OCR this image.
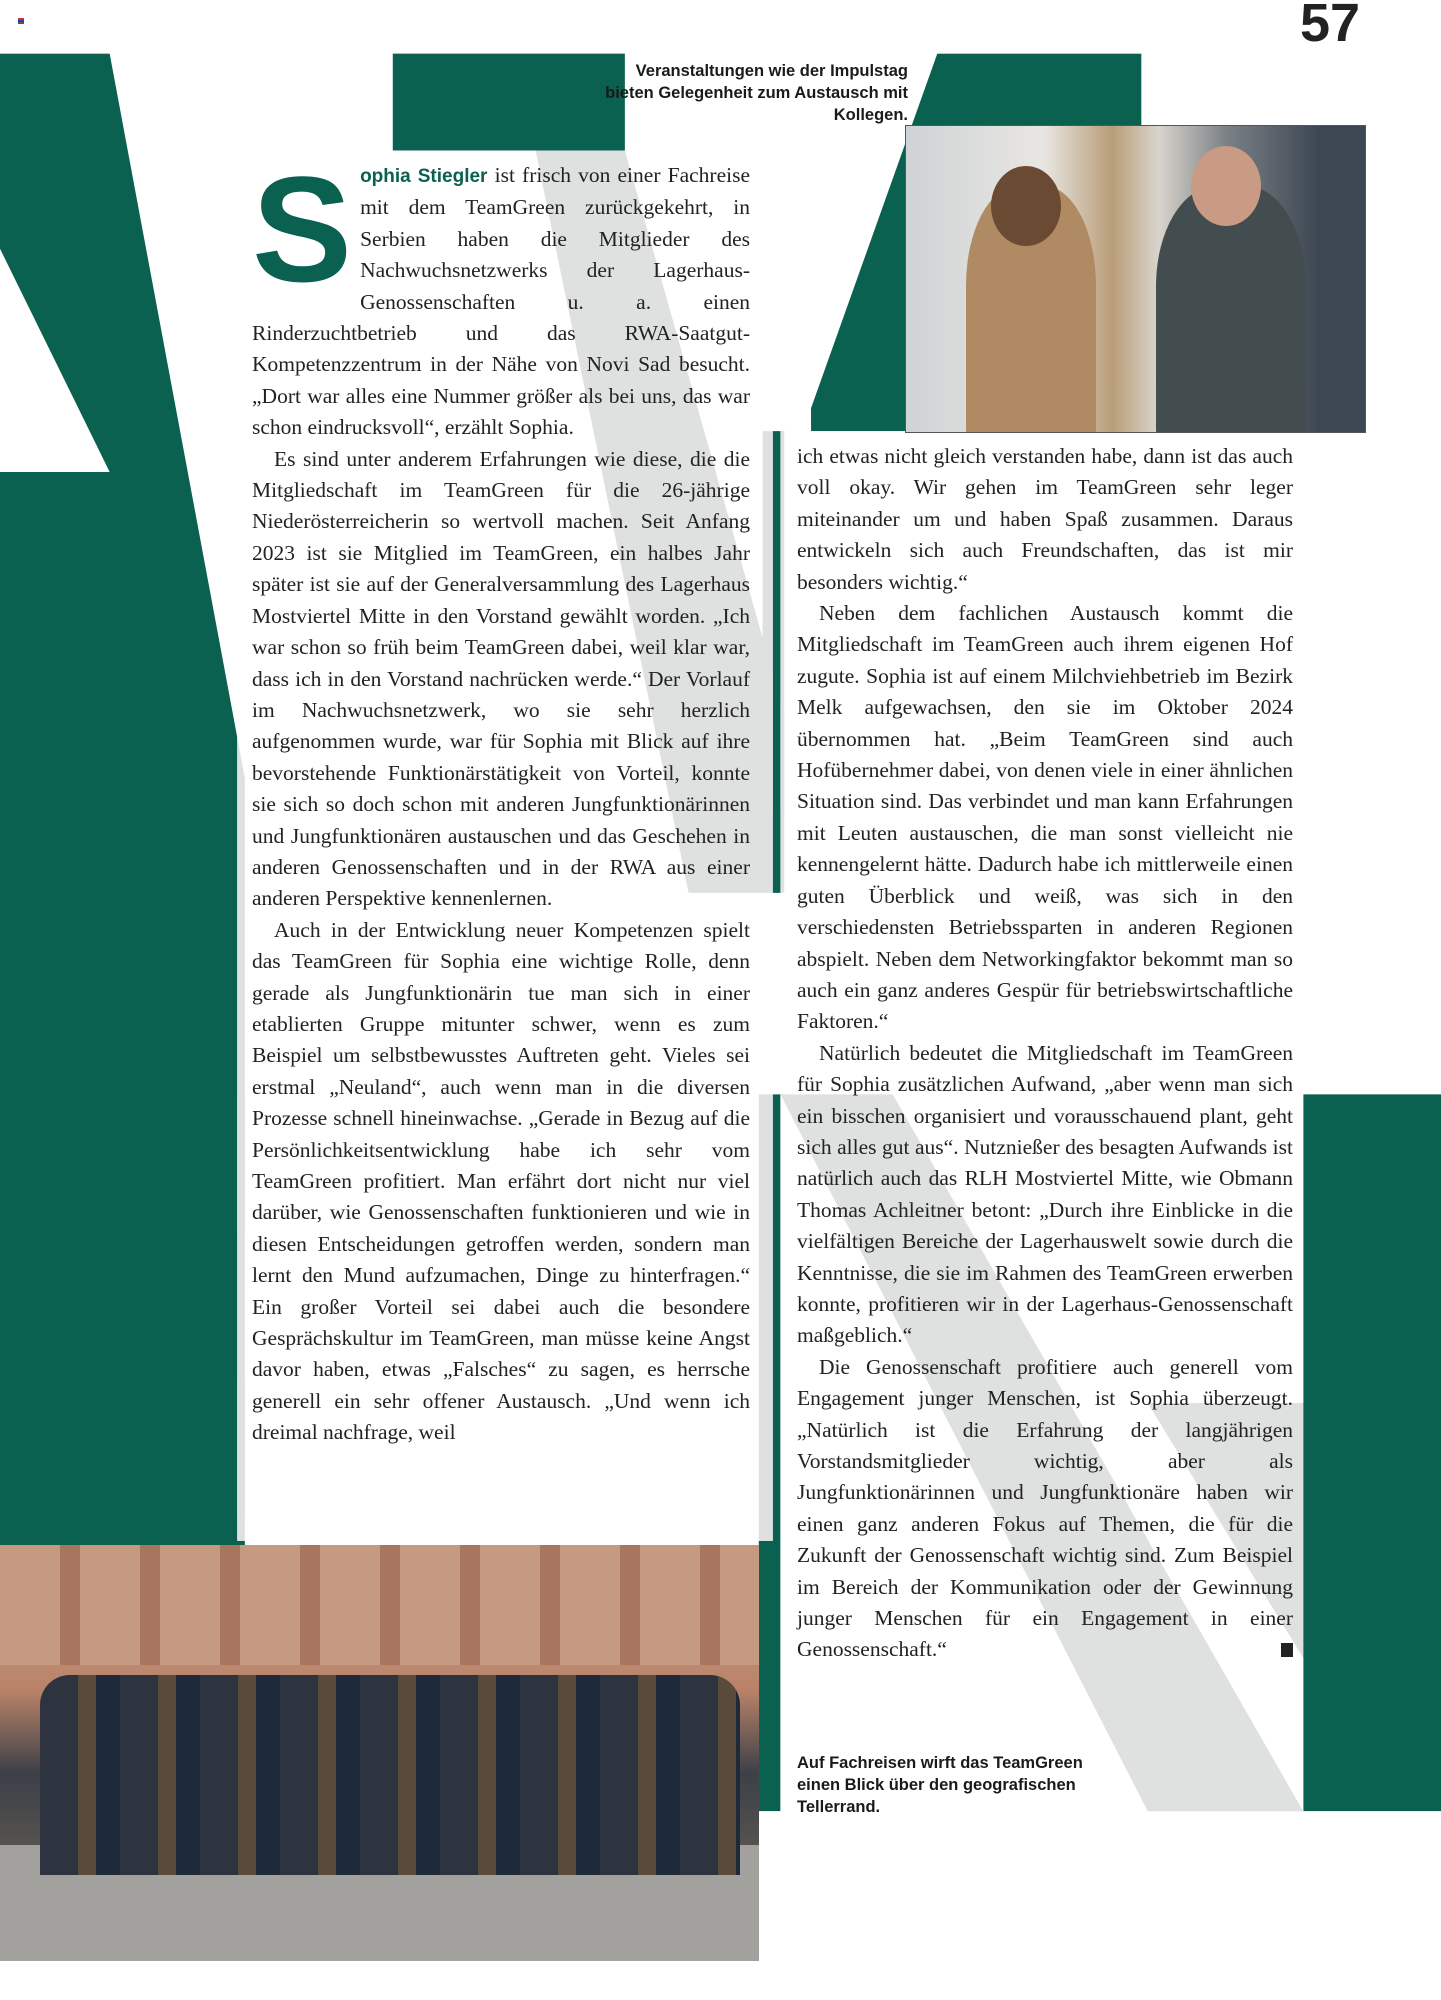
57
Veranstaltungen wie der Impulstag bieten Gelegenheit zum Austausch mit Kollegen.

Sophia Stiegler ist frisch von einer Fachreise mit dem TeamGreen zurückgekehrt, in Serbien haben die Mitglieder des Nachwuchsnetzwerks der Lagerhaus-Genossenschaften u. a. einen Rinderzuchtbetrieb und das RWA-Saatgut-Kompetenzzentrum in der Nähe von Novi Sad besucht. „Dort war alles eine Nummer größer als bei uns, das war schon eindrucksvoll“, erzählt Sophia.

Es sind unter anderem Erfahrungen wie diese, die die Mitgliedschaft im TeamGreen für die 26-jährige Niederösterreicherin so wertvoll machen. Seit Anfang 2023 ist sie Mitglied im TeamGreen, ein halbes Jahr später ist sie auf der Generalversammlung des Lagerhaus Mostviertel Mitte in den Vorstand gewählt worden. „Ich war schon so früh beim TeamGreen dabei, weil klar war, dass ich in den Vorstand nachrücken werde.“ Der Vorlauf im Nachwuchsnetzwerk, wo sie sehr herzlich aufgenommen wurde, war für Sophia mit Blick auf ihre bevorstehende Funktionärstätigkeit von Vorteil, konnte sie sich so doch schon mit anderen Jungfunktionärinnen und Jungfunktionären austauschen und das Geschehen in anderen Genossenschaften und in der RWA aus einer anderen Perspektive kennenlernen.

Auch in der Entwicklung neuer Kompetenzen spielt das TeamGreen für Sophia eine wichtige Rolle, denn gerade als Jungfunktionärin tue man sich in einer etablierten Gruppe mitunter schwer, wenn es zum Beispiel um selbstbewusstes Auftreten geht. Vieles sei erstmal „Neuland“, auch wenn man in die diversen Prozesse schnell hineinwachse. „Gerade in Bezug auf die Persönlichkeitsentwicklung habe ich sehr vom TeamGreen profitiert. Man erfährt dort nicht nur viel darüber, wie Genossenschaften funktionieren und wie in diesen Entscheidungen getroffen werden, sondern man lernt den Mund aufzumachen, Dinge zu hinterfragen.“ Ein großer Vorteil sei dabei auch die besondere Gesprächskultur im TeamGreen, man müsse keine Angst davor haben, etwas „Falsches“ zu sagen, es herrsche generell ein sehr offener Austausch. „Und wenn ich dreimal nachfrage, weil

ich etwas nicht gleich verstanden habe, dann ist das auch voll okay. Wir gehen im TeamGreen sehr leger miteinander um und haben Spaß zusammen. Daraus entwickeln sich auch Freundschaften, das ist mir besonders wichtig.“

Neben dem fachlichen Austausch kommt die Mitgliedschaft im TeamGreen auch ihrem eigenen Hof zugute. Sophia ist auf einem Milchviehbetrieb im Bezirk Melk aufgewachsen, den sie im Oktober 2024 übernommen hat. „Beim TeamGreen sind auch Hofübernehmer dabei, von denen viele in einer ähnlichen Situation sind. Das verbindet und man kann Erfahrungen mit Leuten austauschen, die man sonst vielleicht nie kennengelernt hätte. Dadurch habe ich mittlerweile einen guten Überblick und weiß, was sich in den verschiedensten Betriebssparten in anderen Regionen abspielt. Neben dem Networkingfaktor bekommt man so auch ein ganz anderes Gespür für betriebswirtschaftliche Faktoren.“

Natürlich bedeutet die Mitgliedschaft im TeamGreen für Sophia zusätzlichen Aufwand, „aber wenn man sich ein bisschen organisiert und vorausschauend plant, geht sich alles gut aus“. Nutznießer des besagten Aufwands ist natürlich auch das RLH Mostviertel Mitte, wie Obmann Thomas Achleitner betont: „Durch ihre Einblicke in die vielfältigen Bereiche der Lagerhauswelt sowie durch die Kenntnisse, die sie im Rahmen des TeamGreen erwerben konnte, profitieren wir in der Lagerhaus-Genossenschaft maßgeblich.“

Die Genossenschaft profitiere auch generell vom Engagement junger Menschen, ist Sophia überzeugt. „Natürlich ist die Erfahrung der langjährigen Vorstandsmitglieder wichtig, aber als Jungfunktionärinnen und Jungfunktionäre haben wir einen ganz anderen Fokus auf Themen, die für die Zukunft der Genossenschaft wichtig sind. Zum Beispiel im Bereich der Kommunikation oder der Gewinnung junger Menschen für ein Engagement in einer Genossenschaft.“

Auf Fachreisen wirft das TeamGreen einen Blick über den geografischen Tellerrand.
